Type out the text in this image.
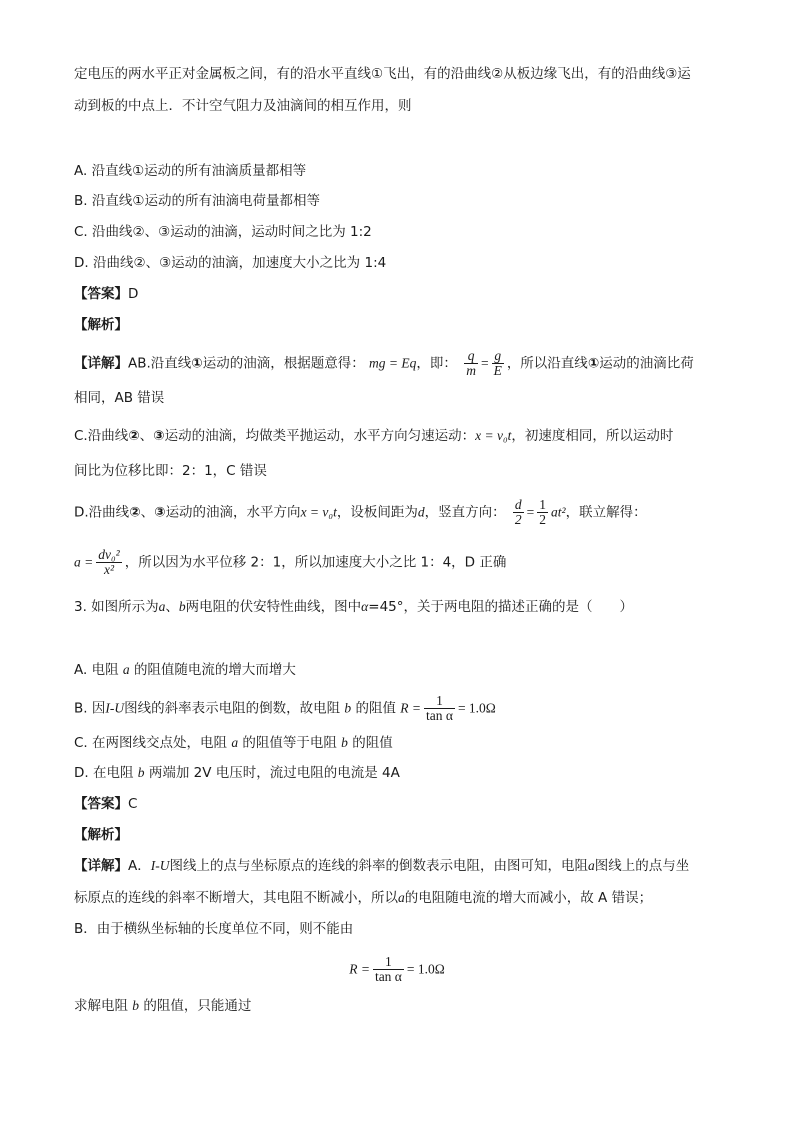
定电压的两水平正对金属板之间，有的沿水平直线①飞出，有的沿曲线②从板边缘飞出，有的沿曲线③运
动到板的中点上．不计空气阻力及油滴间的相互作用，则
A. 沿直线①运动的所有油滴质量都相等
B. 沿直线①运动的所有油滴电荷量都相等
C. 沿曲线②、③运动的油滴，运动时间之比为 1:2
D. 沿曲线②、③运动的油滴，加速度大小之比为 1:4
【答案】D
【解析】
【详解】AB.沿直线①运动的油滴，根据题意得： mg = Eq，即： $\frac{q}{m} = \frac{g}{E}$ ，所以沿直线①运动的油滴比荷
相同，AB 错误
C.沿曲线②、③运动的油滴，均做类平抛运动，水平方向匀速运动：x = v₀t，初速度相同，所以运动时
间比为位移比即：2：1，C 错误
D.沿曲线②、③运动的油滴，水平方向x = v₀t，设板间距为d，竖直方向： $\frac{d}{2} = \frac{1}{2} at^2$，联立解得：
$a = \frac{\text{dv₀²}}{\text{x²}}$ ，所以因为水平位移 2：1，所以加速度大小之比 1：4，D 正确
3. 如图所示为a、b两电阻的伏安特性曲线，图中α=45°，关于两电阻的描述正确的是（　　）
A. 电阻 a 的阻值随电流的增大而增大
B. 因I-U图线的斜率表示电阻的倒数，故电阻 b 的阻值 $R = \frac{1}{\text{tan α}} = 1.0\Omega$
C. 在两图线交点处，电阻 a 的阻值等于电阻 b 的阻值
D. 在电阻 b 两端加 2V 电压时，流过电阻的电流是 4A
【答案】C
【解析】
【详解】A．I-U图线上的点与坐标原点的连线的斜率的倒数表示电阻，由图可知，电阻a图线上的点与坐
标原点的连线的斜率不断增大，其电阻不断减小，所以a的电阻随电流的增大而减小，故 A 错误；
B．由于横纵坐标轴的长度单位不同，则不能由
$R = \frac{1}{\text{tan α}} = 1.0\Omega$
求解电阻 b 的阻值，只能通过
